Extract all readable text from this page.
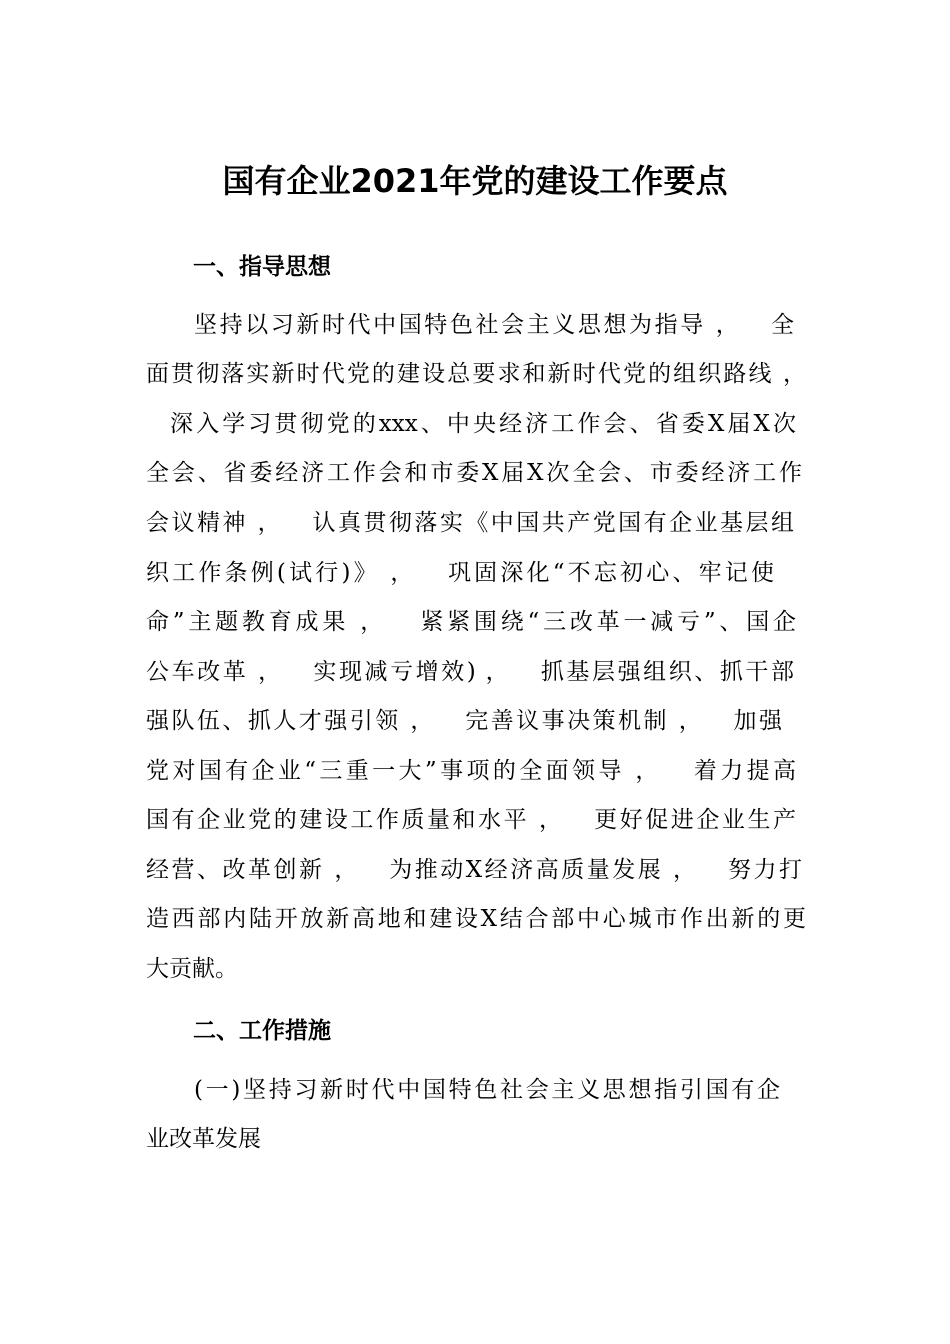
国有企业2021年党的建设工作要点
一、指导思想
坚持以习新时代中国特色社会主义思想为指导 ，   全
面贯彻落实新时代党的建设总要求和新时代党的组织路线 ，
深入学习贯彻党的xxx、中央经济工作会、省委X届X次
全会、省委经济工作会和市委X届X次全会、市委经济工作
会议精神 ，   认真贯彻落实《中国共产党国有企业基层组
织工作条例(试行)》 ，   巩固深化“不忘初心、牢记使
命”主题教育成果 ，   紧紧围绕“三改革一减亏”、国企
公车改革 ，   实现减亏增效) ，   抓基层强组织、抓干部
强队伍、抓人才强引领 ，   完善议事决策机制 ，   加强
党对国有企业“三重一大”事项的全面领导 ，   着力提高
国有企业党的建设工作质量和水平 ，   更好促进企业生产
经营、改革创新 ，   为推动X经济高质量发展 ，   努力打
造西部内陆开放新高地和建设X结合部中心城市作出新的更
大贡献。
二、工作措施
(一)坚持习新时代中国特色社会主义思想指引国有企
业改革发展
